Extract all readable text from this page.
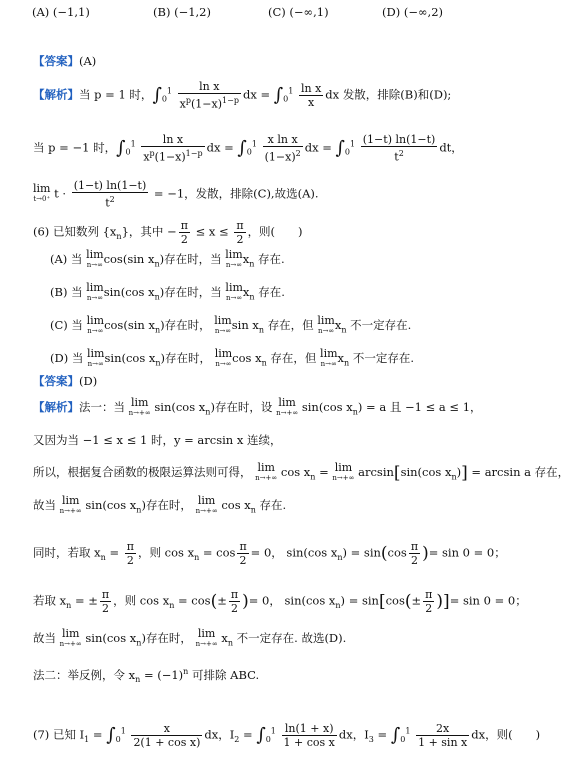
(A) (−1,1)	(B) (−1,2)	(C) (−∞,1)	(D) (−∞,2)
【答案】(A)
【解析】当 p = 1 时，$\int_0^1 \frac{\text{ln x}}{x^p(1-x)^{1-p}}$ dx = $\int_0^1 \frac{\text{ln x}}{x}$ dx 发散，排除(B)和(D);
当 p = −1 时，$\int_0^1 \frac{\text{ln x}}{x^p(1-x)^{1-p}}$ dx = $\int_0^1 \frac{\text{x ln x}}{(1-x)^2}$ dx = $\int_0^1 \frac{(1-t) \ln(1-t)}{t^2}$ dt，
lim
t→0⁺ $t \cdot \frac{(1-t) \ln(1-t)}{t^2} = -1$，发散，排除(C),故选(A).
(6) 已知数列 $\{x_n\}$，其中 − $\frac{\pi}{2} \le x \le \frac{\pi}{2}$ ，则(　　)
(A) 当 lim
n→∞ cos(sin $x_n$)存在时，当 lim
n→∞ $x_n$ 存在.
(B) 当 lim
n→∞ sin(cos $x_n$)存在时，当 lim
n→∞ $x_n$ 存在.
(C) 当 lim
n→∞ cos(sin $x_n$)存在时， lim
n→∞ $\sin x_n$ 存在，但 lim
n→∞ $x_n$ 不一定存在.
(D) 当 lim
n→∞ sin(cos $x_n$)存在时， lim
n→∞ $\cos x_n$ 存在，但 lim
n→∞ $x_n$ 不一定存在.
【答案】(D)
【解析】法一：当 lim
n→+∞ sin(cos $x_n$)存在时，设 lim
n→+∞ sin(cos $x_n) = a$ 且 −1 ≤ a ≤ 1，
又因为当 −1 ≤ x ≤ 1 时，y = arcsin x 连续，
所以，根据复合函数的极限运算法则可得， lim
n→+∞ $\cos x_n = \lim$
n→+∞ arcsin[sin(cos $x_n)] = \arcsin a$ 存在，
故当 lim
n→+∞ sin(cos $x_n$)存在时， lim
n→+∞ $\cos x_n$ 存在.
同时，若取 $x_n = \frac{\pi}{2}$ ，则 $\cos x_n = \cos \frac{\pi}{2} = 0$， sin(cos $x_n) = \sin(\cos \frac{\pi}{2}$ )= sin 0 = 0；
若取 $x_n$ = ± $\frac{\pi}{2}$ ，则 $\cos x_n = \cos(\pm \frac{\pi}{2}$ )= 0， sin(cos $x_n) = \sin[\cos(\pm \frac{\pi}{2}$ )]= sin 0 = 0；
故当 lim
n→+∞ sin(cos $x_n$)存在时， lim
n→+∞ $x_n$ 不一定存在. 故选(D).
法二：举反例，令 $x_n = (-1)^n$ 可排除 ABC.
(7) 已知 $I_1 = \int_0^1 \frac{x}{\text{2(1 + cos x)}}$ dx，$I_2 = \int_0^1 \frac{\ln(1 + x)}{\text{1 + cos x}}$ dx，$I_3 = \int_0^1 \frac{2x}{\text{1 + sin x}}$ dx，则(　　)
